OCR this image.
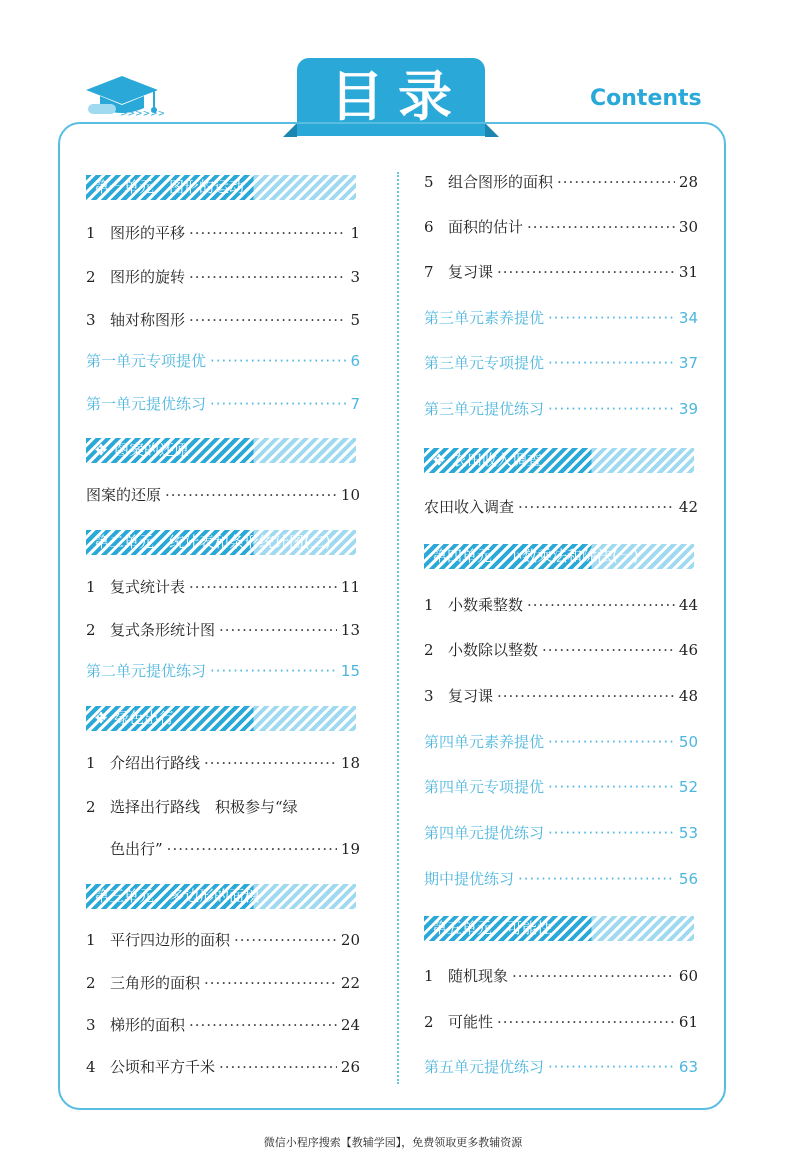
>>>>>>	目录	Contents
第一单元　图形的运动
1 图形的平移 ·····	1
2 图形的旋转 ·····	3
3 轴对称图形 ·····	5
第一单元专项提优 ·····	6
第一单元提优练习 ·····	7
✥ 图案的还原
图案的还原 ·····	10
第二单元　统计表和条形统计图(二)
1 复式统计表 ·····	11
2 复式条形统计图 ·····	13
第二单元提优练习 ·····	15
✥ 绿色出行
1 介绍出行路线 ·····	18
2 选择出行路线　积极参与“绿
色出行” ·····	19
第三单元　多边形的面积
1 平行四边形的面积 ·····	20
2 三角形的面积 ·····	22
3 梯形的面积 ·····	24
4 公顷和平方千米 ·····	26
5 组合图形的面积 ·····	28
6 面积的估计 ·····	30
7 复习课 ·····	31
第三单元素养提优 ·····	34
第三单元专项提优 ·····	37
第三单元提优练习 ·····	39
✥ 农田收入调查
农田收入调查 ·····	42
第四单元　小数乘法和除法(一)
1 小数乘整数 ·····	44
2 小数除以整数 ·····	46
3 复习课 ·····	48
第四单元素养提优 ·····	50
第四单元专项提优 ·····	52
第四单元提优练习 ·····	53
期中提优练习 ·····	56
第五单元　可能性
1 随机现象 ·····	60
2 可能性 ·····	61
第五单元提优练习 ·····	63
微信小程序搜索【教辅学园】，免费领取更多教辅资源
